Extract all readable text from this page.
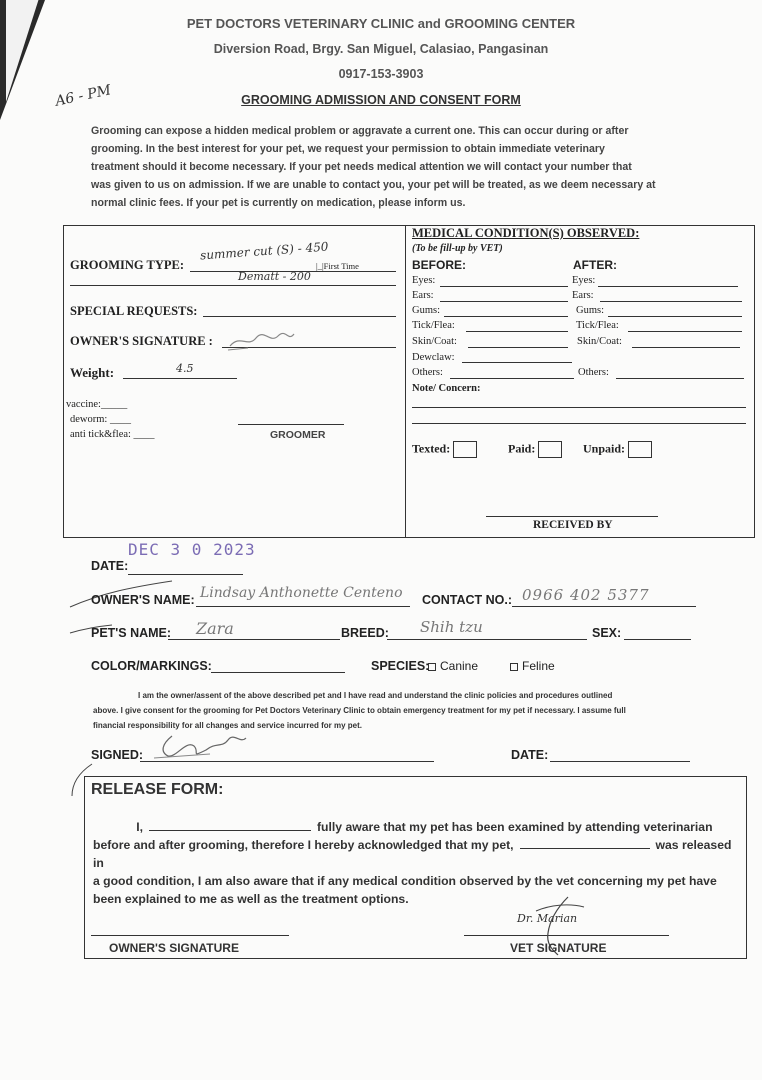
PET DOCTORS VETERINARY CLINIC and GROOMING CENTER
Diversion Road, Brgy. San Miguel, Calasiao, Pangasinan
0917-153-3903
GROOMING ADMISSION AND CONSENT FORM
A6 - PM
Grooming can expose a hidden medical problem or aggravate a current one. This can occur during or after
grooming. In the best interest for your pet, we request your permission to obtain immediate veterinary
treatment should it become necessary. If your pet needs medical attention we will contact your number that
was given to us on admission. If we are unable to contact you, your pet will be treated, as we deem necessary at
normal clinic fees. If your pet is currently on medication, please inform us.
GROOMING TYPE:
summer cut (S) - 450
|_|First Time
Dematt - 200
SPECIAL REQUESTS:
OWNER'S SIGNATURE :
Weight:	4.5
vaccine:_____
deworm: ____
anti tick&flea: ____	GROOMER
MEDICAL CONDITION(S) OBSERVED:
(To be fill-up by VET)
BEFORE:	AFTER:
Eyes:	Eyes:
Ears:	Ears:
Gums:	Gums:
Tick/Flea:	Tick/Flea:
Skin/Coat:	Skin/Coat:
Dewclaw:
Others:	Others:
Note/ Concern:
Texted:	Paid:	Unpaid:
RECEIVED BY
DEC 3 0 2023
DATE:
OWNER'S NAME: Lindsay Anthonette Centeno CONTACT NO.: 0966 402 5377
PET'S NAME: Zara	BREED: Shih tzu	SEX:
COLOR/MARKINGS:	SPECIES: Canine	Feline
I am the owner/assent of the above described pet and I have read and understand the clinic policies and procedures outlined
above. I give consent for the grooming for Pet Doctors Veterinary Clinic to obtain emergency treatment for my pet if necessary. I assume full
financial responsibility for all changes and service incurred for my pet.
SIGNED:	DATE:
RELEASE FORM:
I,	fully aware that my pet has been examined by attending veterinarian
before and after grooming, therefore I hereby acknowledged that my pet,	was released in
a good condition, I am also aware that if any medical condition observed by the vet concerning my pet have
been explained to me as well as the treatment options.
OWNER'S SIGNATURE
Dr. Marian
VET SIGNATURE
